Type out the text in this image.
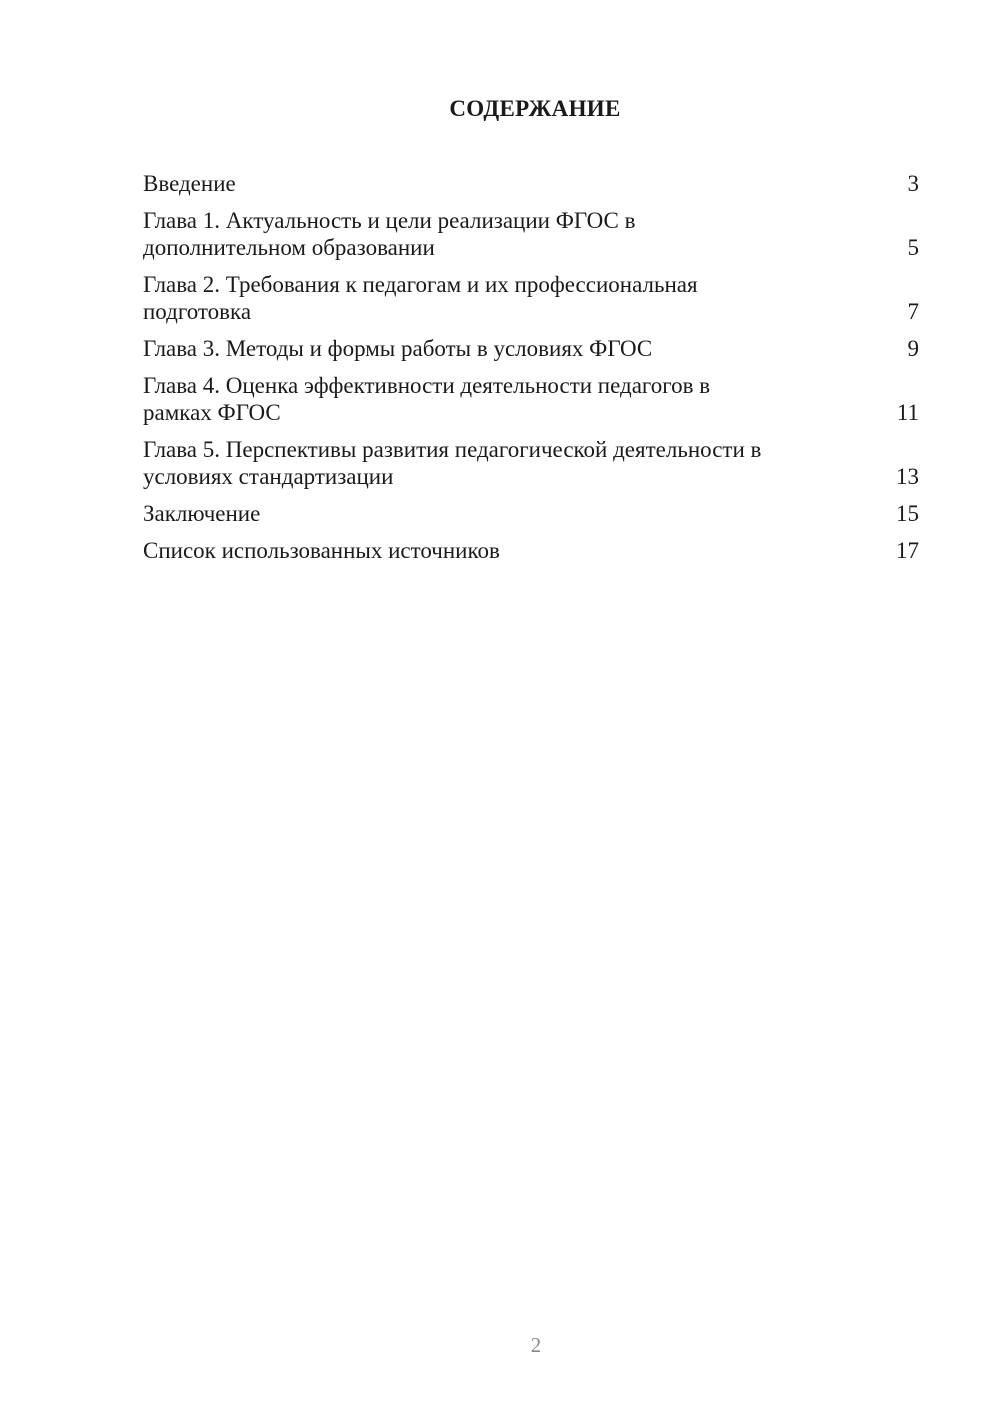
СОДЕРЖАНИЕ
Введение	3
Глава 1. Актуальность и цели реализации ФГОС в дополнительном образовании	5
Глава 2. Требования к педагогам и их профессиональная подготовка	7
Глава 3. Методы и формы работы в условиях ФГОС	9
Глава 4. Оценка эффективности деятельности педагогов в рамках ФГОС	11
Глава 5. Перспективы развития педагогической деятельности в условиях стандартизации	13
Заключение	15
Список использованных источников	17
2
